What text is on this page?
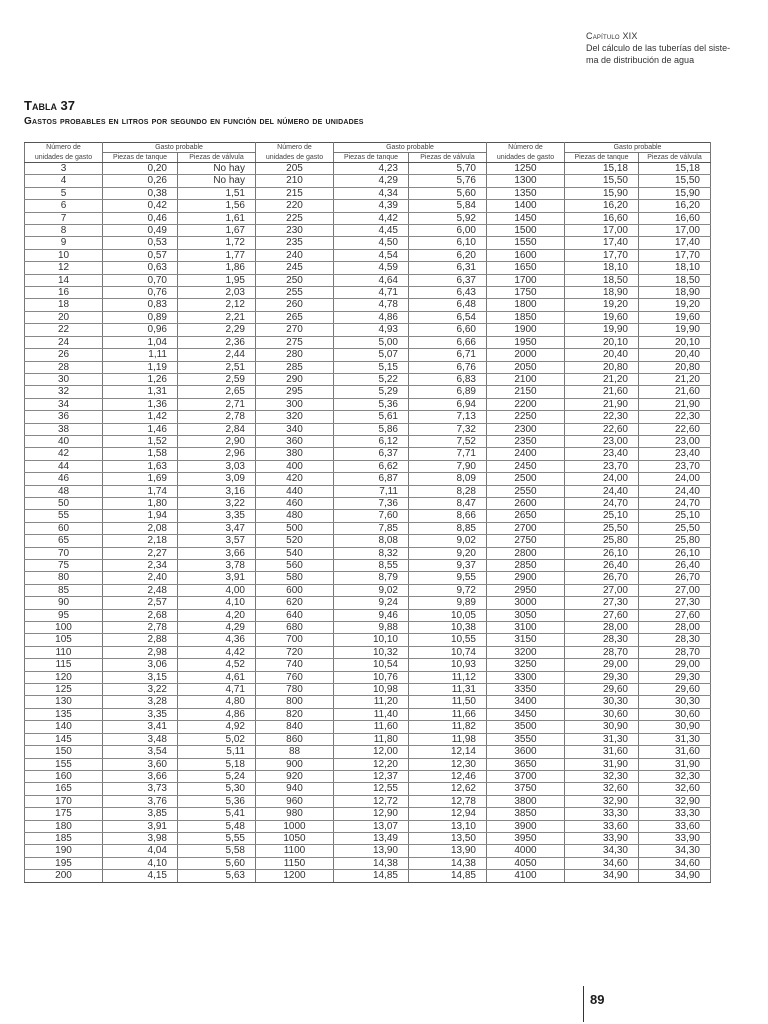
Capítulo XIX
Del cálculo de las tuberías del siste-
ma de distribución de agua
Tabla 37
Gastos probables en litros por segundo en función del número de unidades
Número de	Gasto probable		Número de	Gasto probable		Número de	Gasto probable	
unidades de gasto	Piezas de tanque	Piezas de válvula	unidades de gasto	Piezas de tanque	Piezas de válvula	unidades de gasto	Piezas de tanque	Piezas de válvula
3	0,20	No hay	205	4,23	5,70	1250	15,18	15,18
4	0,26	No hay	210	4,29	5,76	1300	15,50	15,50
5	0,38	1,51	215	4,34	5,60	1350	15,90	15,90
6	0,42	1,56	220	4,39	5,84	1400	16,20	16,20
7	0,46	1,61	225	4,42	5,92	1450	16,60	16,60
8	0,49	1,67	230	4,45	6,00	1500	17,00	17,00
9	0,53	1,72	235	4,50	6,10	1550	17,40	17,40
10	0,57	1,77	240	4,54	6,20	1600	17,70	17,70
12	0,63	1,86	245	4,59	6,31	1650	18,10	18,10
14	0,70	1,95	250	4,64	6,37	1700	18,50	18,50
16	0,76	2,03	255	4,71	6,43	1750	18,90	18,90
18	0,83	2,12	260	4,78	6,48	1800	19,20	19,20
20	0,89	2,21	265	4,86	6,54	1850	19,60	19,60
22	0,96	2,29	270	4,93	6,60	1900	19,90	19,90
24	1,04	2,36	275	5,00	6,66	1950	20,10	20,10
26	1,11	2,44	280	5,07	6,71	2000	20,40	20,40
28	1,19	2,51	285	5,15	6,76	2050	20,80	20,80
30	1,26	2,59	290	5,22	6,83	2100	21,20	21,20
32	1,31	2,65	295	5,29	6,89	2150	21,60	21,60
34	1,36	2,71	300	5,36	6,94	2200	21,90	21,90
36	1,42	2,78	320	5,61	7,13	2250	22,30	22,30
38	1,46	2,84	340	5,86	7,32	2300	22,60	22,60
40	1,52	2,90	360	6,12	7,52	2350	23,00	23,00
42	1,58	2,96	380	6,37	7,71	2400	23,40	23,40
44	1,63	3,03	400	6,62	7,90	2450	23,70	23,70
46	1,69	3,09	420	6,87	8,09	2500	24,00	24,00
48	1,74	3,16	440	7,11	8,28	2550	24,40	24,40
50	1,80	3,22	460	7,36	8,47	2600	24,70	24,70
55	1,94	3,35	480	7,60	8,66	2650	25,10	25,10
60	2,08	3,47	500	7,85	8,85	2700	25,50	25,50
65	2,18	3,57	520	8,08	9,02	2750	25,80	25,80
70	2,27	3,66	540	8,32	9,20	2800	26,10	26,10
75	2,34	3,78	560	8,55	9,37	2850	26,40	26,40
80	2,40	3,91	580	8,79	9,55	2900	26,70	26,70
85	2,48	4,00	600	9,02	9,72	2950	27,00	27,00
90	2,57	4,10	620	9,24	9,89	3000	27,30	27,30
95	2,68	4,20	640	9,46	10,05	3050	27,60	27,60
100	2,78	4,29	680	9,88	10,38	3100	28,00	28,00
105	2,88	4,36	700	10,10	10,55	3150	28,30	28,30
110	2,98	4,42	720	10,32	10,74	3200	28,70	28,70
115	3,06	4,52	740	10,54	10,93	3250	29,00	29,00
120	3,15	4,61	760	10,76	11,12	3300	29,30	29,30
125	3,22	4,71	780	10,98	11,31	3350	29,60	29,60
130	3,28	4,80	800	11,20	11,50	3400	30,30	30,30
135	3,35	4,86	820	11,40	11,66	3450	30,60	30,60
140	3,41	4,92	840	11,60	11,82	3500	30,90	30,90
145	3,48	5,02	860	11,80	11,98	3550	31,30	31,30
150	3,54	5,11	88	12,00	12,14	3600	31,60	31,60
155	3,60	5,18	900	12,20	12,30	3650	31,90	31,90
160	3,66	5,24	920	12,37	12,46	3700	32,30	32,30
165	3,73	5,30	940	12,55	12,62	3750	32,60	32,60
170	3,76	5,36	960	12,72	12,78	3800	32,90	32,90
175	3,85	5,41	980	12,90	12,94	3850	33,30	33,30
180	3,91	5,48	1000	13,07	13,10	3900	33,60	33,60
185	3,98	5,55	1050	13,49	13,50	3950	33,90	33,90
190	4,04	5,58	1100	13,90	13,90	4000	34,30	34,30
195	4,10	5,60	1150	14,38	14,38	4050	34,60	34,60
200	4,15	5,63	1200	14,85	14,85	4100	34,90	34,90
89
